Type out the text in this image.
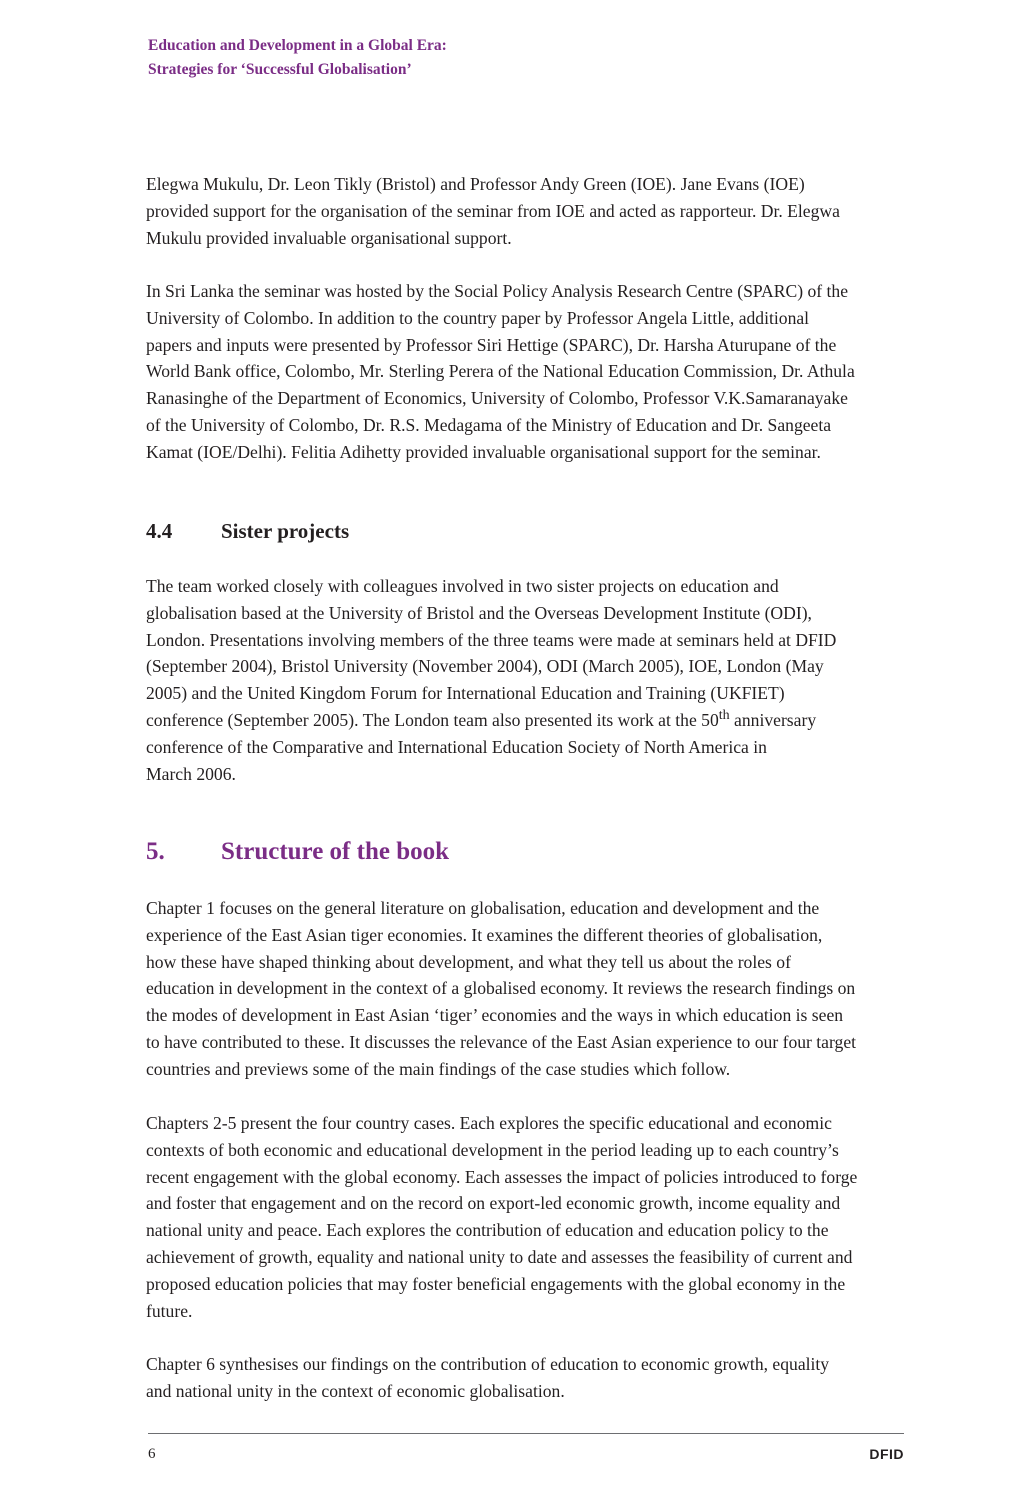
Education and Development in a Global Era:
Strategies for ‘Successful Globalisation’

Elegwa Mukulu, Dr. Leon Tikly (Bristol) and Professor Andy Green (IOE). Jane Evans (IOE)
provided support for the organisation of the seminar from IOE and acted as rapporteur. Dr. Elegwa
Mukulu provided invaluable organisational support.

In Sri Lanka the seminar was hosted by the Social Policy Analysis Research Centre (SPARC) of the
University of Colombo. In addition to the country paper by Professor Angela Little, additional
papers and inputs were presented by Professor Siri Hettige (SPARC), Dr. Harsha Aturupane of the
World Bank office, Colombo, Mr. Sterling Perera of the National Education Commission, Dr. Athula
Ranasinghe of the Department of Economics, University of Colombo, Professor V.K.Samaranayake
of the University of Colombo, Dr. R.S. Medagama of the Ministry of Education and Dr. Sangeeta
Kamat (IOE/Delhi). Felitia Adihetty provided invaluable organisational support for the seminar.

4.4 Sister projects

The team worked closely with colleagues involved in two sister projects on education and
globalisation based at the University of Bristol and the Overseas Development Institute (ODI),
London. Presentations involving members of the three teams were made at seminars held at DFID
(September 2004), Bristol University (November 2004), ODI (March 2005), IOE, London (May
2005) and the United Kingdom Forum for International Education and Training (UKFIET)
conference (September 2005). The London team also presented its work at the 50th anniversary
conference of the Comparative and International Education Society of North America in
March 2006.

5. Structure of the book

Chapter 1 focuses on the general literature on globalisation, education and development and the
experience of the East Asian tiger economies. It examines the different theories of globalisation,
how these have shaped thinking about development, and what they tell us about the roles of
education in development in the context of a globalised economy. It reviews the research findings on
the modes of development in East Asian ‘tiger’ economies and the ways in which education is seen
to have contributed to these. It discusses the relevance of the East Asian experience to our four target
countries and previews some of the main findings of the case studies which follow.

Chapters 2-5 present the four country cases. Each explores the specific educational and economic
contexts of both economic and educational development in the period leading up to each country’s
recent engagement with the global economy. Each assesses the impact of policies introduced to forge
and foster that engagement and on the record on export-led economic growth, income equality and
national unity and peace. Each explores the contribution of education and education policy to the
achievement of growth, equality and national unity to date and assesses the feasibility of current and
proposed education policies that may foster beneficial engagements with the global economy in the
future.

Chapter 6 synthesises our findings on the contribution of education to economic growth, equality
and national unity in the context of economic globalisation.

6	DFID
